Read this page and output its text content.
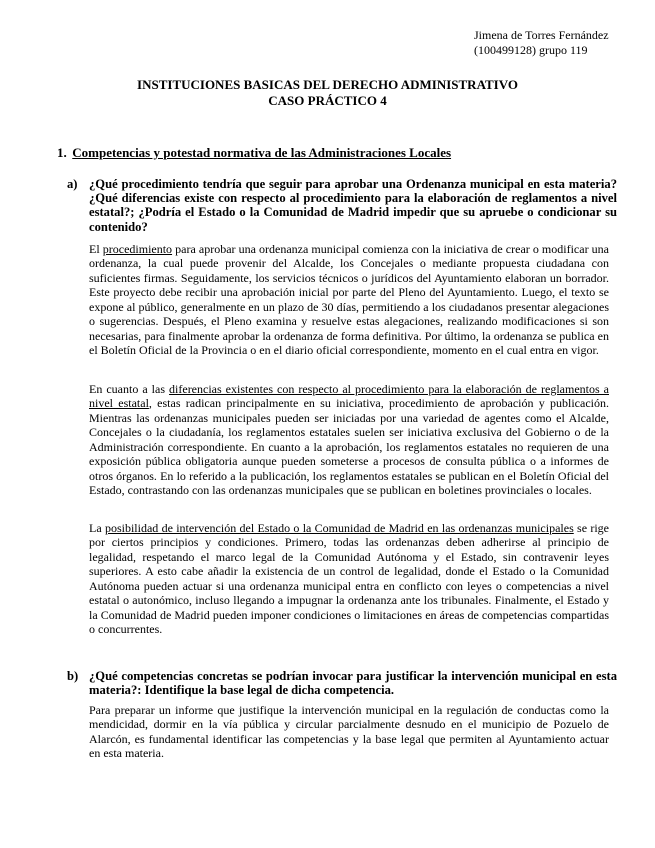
Jimena de Torres Fernández
(100499128) grupo 119
INSTITUCIONES BASICAS DEL DERECHO ADMINISTRATIVO
CASO PRÁCTICO 4
1. Competencias y potestad normativa de las Administraciones Locales
a) ¿Qué procedimiento tendría que seguir para aprobar una Ordenanza municipal en esta materia? ¿Qué diferencias existe con respecto al procedimiento para la elaboración de reglamentos a nivel estatal?; ¿Podría el Estado o la Comunidad de Madrid impedir que su apruebe o condicionar su contenido?
El procedimiento para aprobar una ordenanza municipal comienza con la iniciativa de crear o modificar una ordenanza, la cual puede provenir del Alcalde, los Concejales o mediante propuesta ciudadana con suficientes firmas. Seguidamente, los servicios técnicos o jurídicos del Ayuntamiento elaboran un borrador. Este proyecto debe recibir una aprobación inicial por parte del Pleno del Ayuntamiento. Luego, el texto se expone al público, generalmente en un plazo de 30 días, permitiendo a los ciudadanos presentar alegaciones o sugerencias. Después, el Pleno examina y resuelve estas alegaciones, realizando modificaciones si son necesarias, para finalmente aprobar la ordenanza de forma definitiva. Por último, la ordenanza se publica en el Boletín Oficial de la Provincia o en el diario oficial correspondiente, momento en el cual entra en vigor.
En cuanto a las diferencias existentes con respecto al procedimiento para la elaboración de reglamentos a nivel estatal, estas radican principalmente en su iniciativa, procedimiento de aprobación y publicación. Mientras las ordenanzas municipales pueden ser iniciadas por una variedad de agentes como el Alcalde, Concejales o la ciudadanía, los reglamentos estatales suelen ser iniciativa exclusiva del Gobierno o de la Administración correspondiente. En cuanto a la aprobación, los reglamentos estatales no requieren de una exposición pública obligatoria aunque pueden someterse a procesos de consulta pública o a informes de otros órganos. En lo referido a la publicación, los reglamentos estatales se publican en el Boletín Oficial del Estado, contrastando con las ordenanzas municipales que se publican en boletines provinciales o locales.
La posibilidad de intervención del Estado o la Comunidad de Madrid en las ordenanzas municipales se rige por ciertos principios y condiciones. Primero, todas las ordenanzas deben adherirse al principio de legalidad, respetando el marco legal de la Comunidad Autónoma y el Estado, sin contravenir leyes superiores. A esto cabe añadir la existencia de un control de legalidad, donde el Estado o la Comunidad Autónoma pueden actuar si una ordenanza municipal entra en conflicto con leyes o competencias a nivel estatal o autonómico, incluso llegando a impugnar la ordenanza ante los tribunales. Finalmente, el Estado y la Comunidad de Madrid pueden imponer condiciones o limitaciones en áreas de competencias compartidas o concurrentes.
b) ¿Qué competencias concretas se podrían invocar para justificar la intervención municipal en esta materia?: Identifique la base legal de dicha competencia.
Para preparar un informe que justifique la intervención municipal en la regulación de conductas como la mendicidad, dormir en la vía pública y circular parcialmente desnudo en el municipio de Pozuelo de Alarcón, es fundamental identificar las competencias y la base legal que permiten al Ayuntamiento actuar en esta materia.
